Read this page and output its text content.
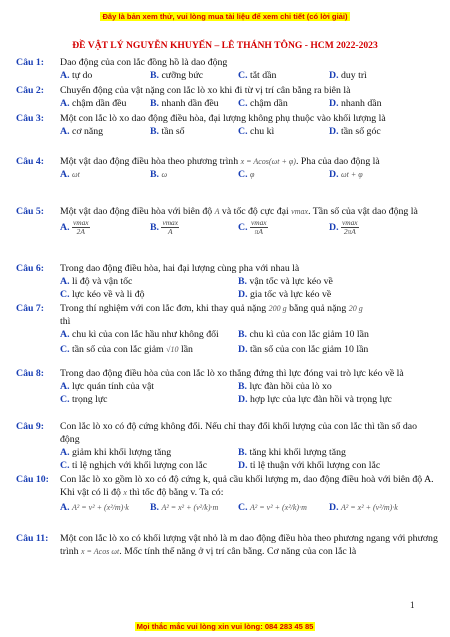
Đây là bản xem thử, vui lòng mua tài liệu để xem chi tiết (có lời giải)
ĐỀ VẬT LÝ NGUYỄN KHUYẾN – LÊ THÁNH TÔNG - HCM 2022-2023
Câu 1: Dao động của con lắc đồng hồ là dao động
A. tự do	B. cưỡng bức	C. tắt dần	D. duy trì
Câu 2: Chuyển động của vật nặng con lắc lò xo khi đi từ vị trí cân bằng ra biên là
A. chậm dần đều B. nhanh dần đều C. chậm dần	D. nhanh dần
Câu 3: Một con lắc lò xo dao động điều hòa, đại lượng không phụ thuộc vào khối lượng là
A. cơ năng	B. tần số	C. chu kì	D. tần số góc
Câu 4: Một vật dao động điều hòa theo phương trình x = Acos(ωt + φ). Pha của dao động là
A. ωt	B. ω	C. φ	D. ωt + φ
Câu 5: Một vật dao động điều hòa với biên độ A và tốc độ cực đại vmax. Tần số của vật dao động là
A. $\frac{vmax}{2A}$	B. $\frac{vmax}{A}$	C. $\frac{vmax}{\pi A}$	D. $\frac{vmax}{2\pi A}$
Câu 6: Trong dao động điều hòa, hai đại lượng cùng pha với nhau là
A. li độ và vận tốc	B. vận tốc và lực kéo về
C. lực kéo về và li độ	D. gia tốc và lực kéo về
Câu 7: Trong thí nghiệm với con lắc đơn, khi thay quả nặng 200 g bằng quả nặng 20 g
thì
A. chu kì của con lắc hầu như không đổi B. chu kì của con lắc giảm 10 lần
C. tần số của con lắc giảm √10 lần	D. tần số của con lắc giảm 10 lần
Câu 8: Trong dao động điều hòa của con lắc lò xo thẳng đứng thì lực đóng vai trò lực kéo về là
A. lực quán tính của vật	B. lực đàn hồi của lò xo
C. trọng lực	D. hợp lực của lực đàn hồi và trọng lực
Câu 9: Con lắc lò xo có độ cứng không đổi. Nếu chỉ thay đổi khối lượng của con lắc thì tần số dao động
A. giảm khi khối lượng tăng	B. tăng khi khối lượng tăng
C. tỉ lệ nghịch với khối lượng con lắc	D. tỉ lệ thuận với khối lượng con lắc
Câu 10: Con lắc lò xo gồm lò xo có độ cứng k, quả cầu khối lượng m, dao động điều hoà với biên độ A. Khi vật có li độ x thì tốc độ bằng v. Ta có:
A. A² = v² + (x²/m)·k B. A² = x² + (v²/k)·m C. A² = v² + (x²/k)·m D. A² = x² + (v²/m)·k
Câu 11: Một con lắc lò xo có khối lượng vật nhỏ là m dao động điều hòa theo phương ngang với phương trình x = Acos ωt. Mốc tính thế năng ở vị trí cân bằng. Cơ năng của con lắc là
1
Mọi thắc mắc vui lòng xin vui lòng: 084 283 45 85
